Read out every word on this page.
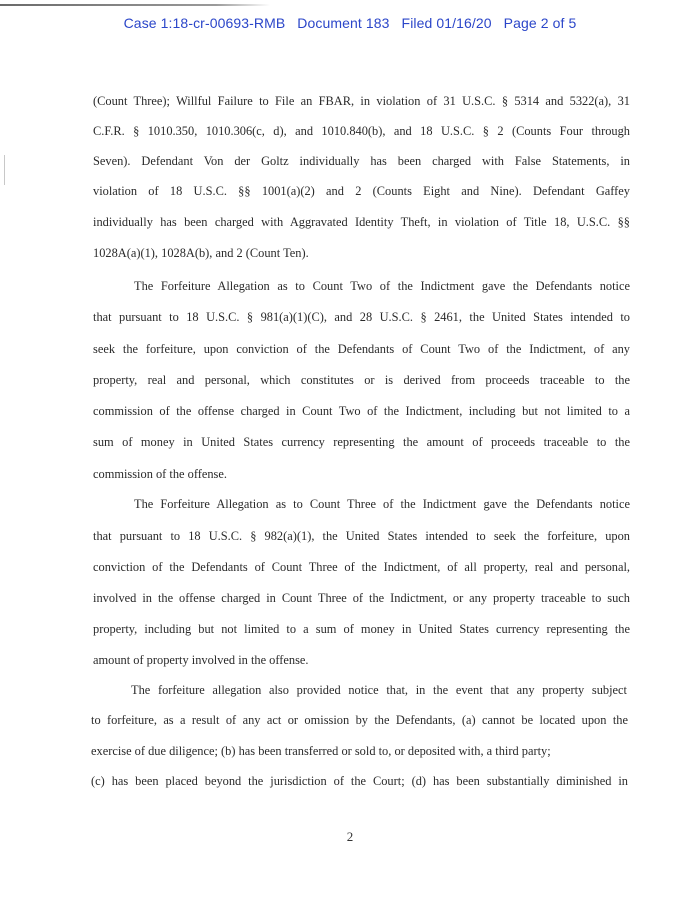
Case 1:18-cr-00693-RMB Document 183 Filed 01/16/20 Page 2 of 5

(Count Three); Willful Failure to File an FBAR, in violation of 31 U.S.C. § 5314 and 5322(a), 31

C.F.R. § 1010.350, 1010.306(c, d), and 1010.840(b), and 18 U.S.C. § 2 (Counts Four through

Seven). Defendant Von der Goltz individually has been charged with False Statements, in

violation of 18 U.S.C. §§ 1001(a)(2) and 2 (Counts Eight and Nine). Defendant Gaffey

individually has been charged with Aggravated Identity Theft, in violation of Title 18, U.S.C. §§

1028A(a)(1), 1028A(b), and 2 (Count Ten).

The Forfeiture Allegation as to Count Two of the Indictment gave the Defendants notice

that pursuant to 18 U.S.C. § 981(a)(1)(C), and 28 U.S.C. § 2461, the United States intended to

seek the forfeiture, upon conviction of the Defendants of Count Two of the Indictment, of any

property, real and personal, which constitutes or is derived from proceeds traceable to the

commission of the offense charged in Count Two of the Indictment, including but not limited to a

sum of money in United States currency representing the amount of proceeds traceable to the

commission of the offense.

The Forfeiture Allegation as to Count Three of the Indictment gave the Defendants notice

that pursuant to 18 U.S.C. § 982(a)(1), the United States intended to seek the forfeiture, upon

conviction of the Defendants of Count Three of the Indictment, of all property, real and personal,

involved in the offense charged in Count Three of the Indictment, or any property traceable to such

property, including but not limited to a sum of money in United States currency representing the

amount of property involved in the offense.

The forfeiture allegation also provided notice that, in the event that any property subject

to forfeiture, as a result of any act or omission by the Defendants, (a) cannot be located upon the

exercise of due diligence; (b) has been transferred or sold to, or deposited with, a third party;

(c) has been placed beyond the jurisdiction of the Court; (d) has been substantially diminished in

2
